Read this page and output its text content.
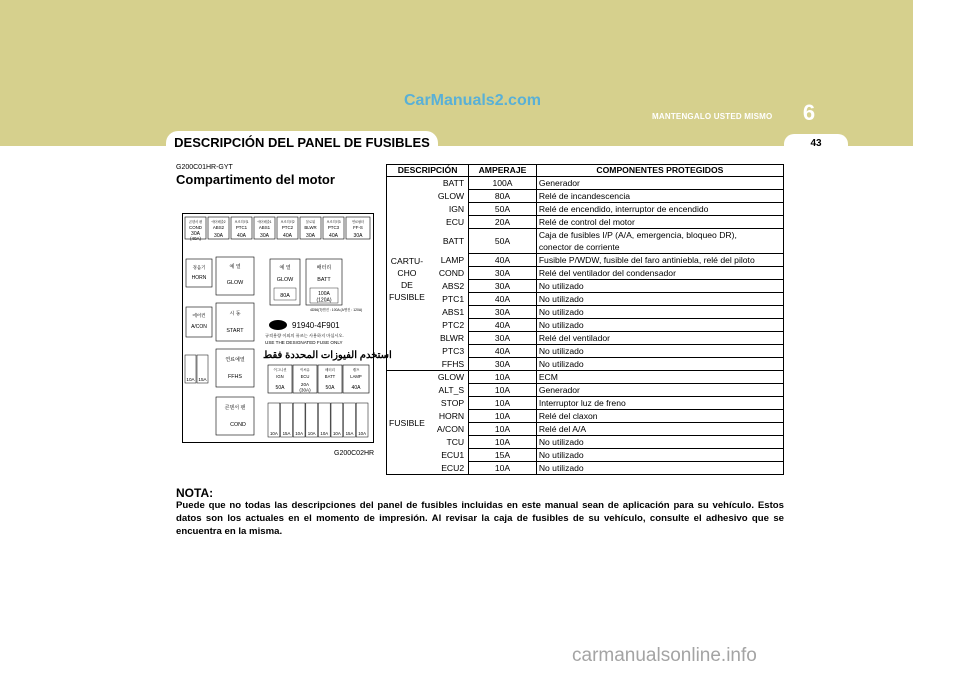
CarManuals2.com
MANTENGALO USTED MISMO	6
43
DESCRIPCIÓN DEL PANEL DE FUSIBLES
G200C01HR-GYT
Compartimento del motor
콘덴서 팬
COND
30A
(40A)
에어배출2
ABS2
30A
보조히터1
PTC1
40A
에어배출1
ABS1
30A
보조히터2
PTC2
40A
블로워
BLWR
30A
보조히터3
PTC3
40A
연료필터
FF-S
30A
경음기
HORN
에어컨
A/CON
10A 15A
예 열
GLOW
시 동
START
연료예열
FFHS
콘덴서 팬
COND
예 열
GLOW
80A
배터리
BATT
100A
(120A)
4D56(T)엔진 : 100A (A엔진 : 120A)
91940-4F901
규격용량 이외의 퓨즈는 사용하지 마십시오.
USE THE DESIGNATED FUSE ONLY
استخدم الفيوزات المحددة فقط
이그니션
IGN
50A
이씨유
ECU
20A
(30A)
배터리
BATT
50A
램프
LAMP
40A
10A 15A 10A 10A 10A 10A 15A 10A
G200C02HR
DESCRIPCIÓN		AMPERAJE	COMPONENTES PROTEGIDOS

CARTU-
CHO
DE
FUSIBLE	BATT	100A	Generador

	GLOW	80A	Relé de incandescencia

	IGN	50A	Relé de encendido, interruptor de encendido

	ECU	20A	Relé de control del motor

	BATT	50A	Caja de fusibles I/P (A/A, emergencia, bloqueo DR),
conector de corriente

	LAMP	40A	Fusible P/WDW, fusible del faro antiniebla, relé del piloto

	COND	30A	Relé del ventilador del condensador

	ABS2	30A	No utilizado

	PTC1	40A	No utilizado

	ABS1	30A	No utilizado

	PTC2	40A	No utilizado

	BLWR	30A	Relé del ventilador

	PTC3	40A	No utilizado

	FFHS	30A	No utilizado

FUSIBLE	GLOW	10A	ECM

	ALT_S	10A	Generador

	STOP	10A	Interruptor luz de freno

	HORN	10A	Relé del claxon

	A/CON	10A	Relé del A/A

	TCU	10A	No utilizado

	ECU1	15A	No utilizado

	ECU2	10A	No utilizado
NOTA:
Puede que no todas las descripciones del panel de fusibles incluidas en este manual sean de aplicación para su vehículo. Estos datos son los actuales en el momento de impresión. Al revisar la caja de fusibles de su vehículo, consulte el adhesivo que se encuentra en la misma.
carmanualsonline.info
